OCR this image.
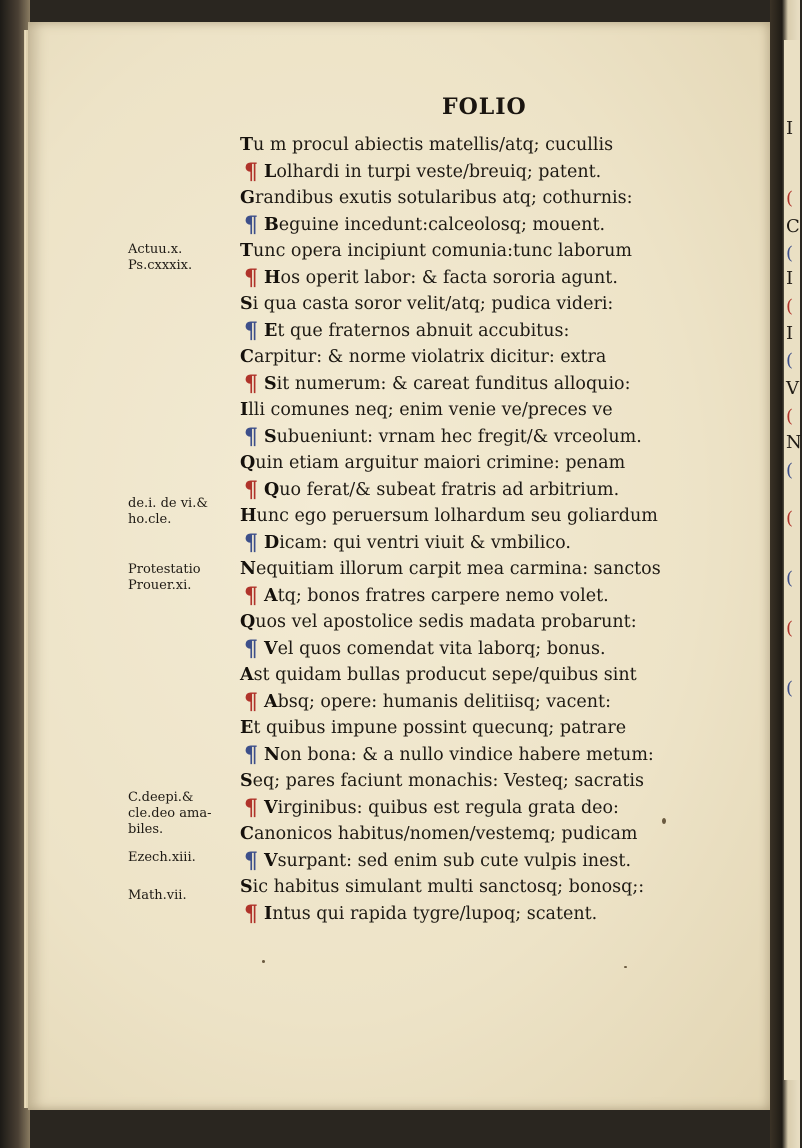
FOLIO
Actuu.x.
Ps.cxxxix.
de.i. de vi.&
ho.cle.
Protestatio
Prouer.xi.
C.deepi.&
cle.deo ama-
biles.
Ezech.xiii.
Math.vii.
Tu m procul abiectis matellis/atq; cucullis
¶ Lolhardi in turpi veste/breuiq; patent.
Grandibus exutis sotularibus atq; cothurnis:
¶ Beguine incedunt:calceolosq; mouent.
Tunc opera incipiunt comunia:tunc laborum
¶ Hos operit labor: & facta sororia agunt.
Si qua casta soror velit/atq; pudica videri:
¶ Et que fraternos abnuit accubitus:
Carpitur: & norme violatrix dicitur: extra
¶ Sit numerum: & careat funditus alloquio:
Illi comunes neq; enim venie ve/preces ve
¶ Subueniunt: vrnam hec fregit/& vrceolum.
Quin etiam arguitur maiori crimine: penam
¶ Quo ferat/& subeat fratris ad arbitrium.
Hunc ego peruersum lolhardum seu goliardum
¶ Dicam: qui ventri viuit & vmbilico.
Nequitiam illorum carpit mea carmina: sanctos
¶ Atq; bonos fratres carpere nemo volet.
Quos vel apostolice sedis madata probarunt:
¶ Vel quos comendat vita laborq; bonus.
Ast quidam bullas producut sepe/quibus sint
¶ Absq; opere: humanis delitiisq; vacent:
Et quibus impune possint quecunq; patrare
¶ Non bona: & a nullo vindice habere metum:
Seq; pares faciunt monachis: Vesteq; sacratis
¶ Virginibus: quibus est regula grata deo:
Canonicos habitus/nomen/vestemq; pudicam
¶ Vsurpant: sed enim sub cute vulpis inest.
Sic habitus simulant multi sanctosq; bonosq;:
¶ Intus qui rapida tygre/lupoq; scatent.
I
(
C
(
I
(
I
(
V
(
N
(
(
(
(
(
